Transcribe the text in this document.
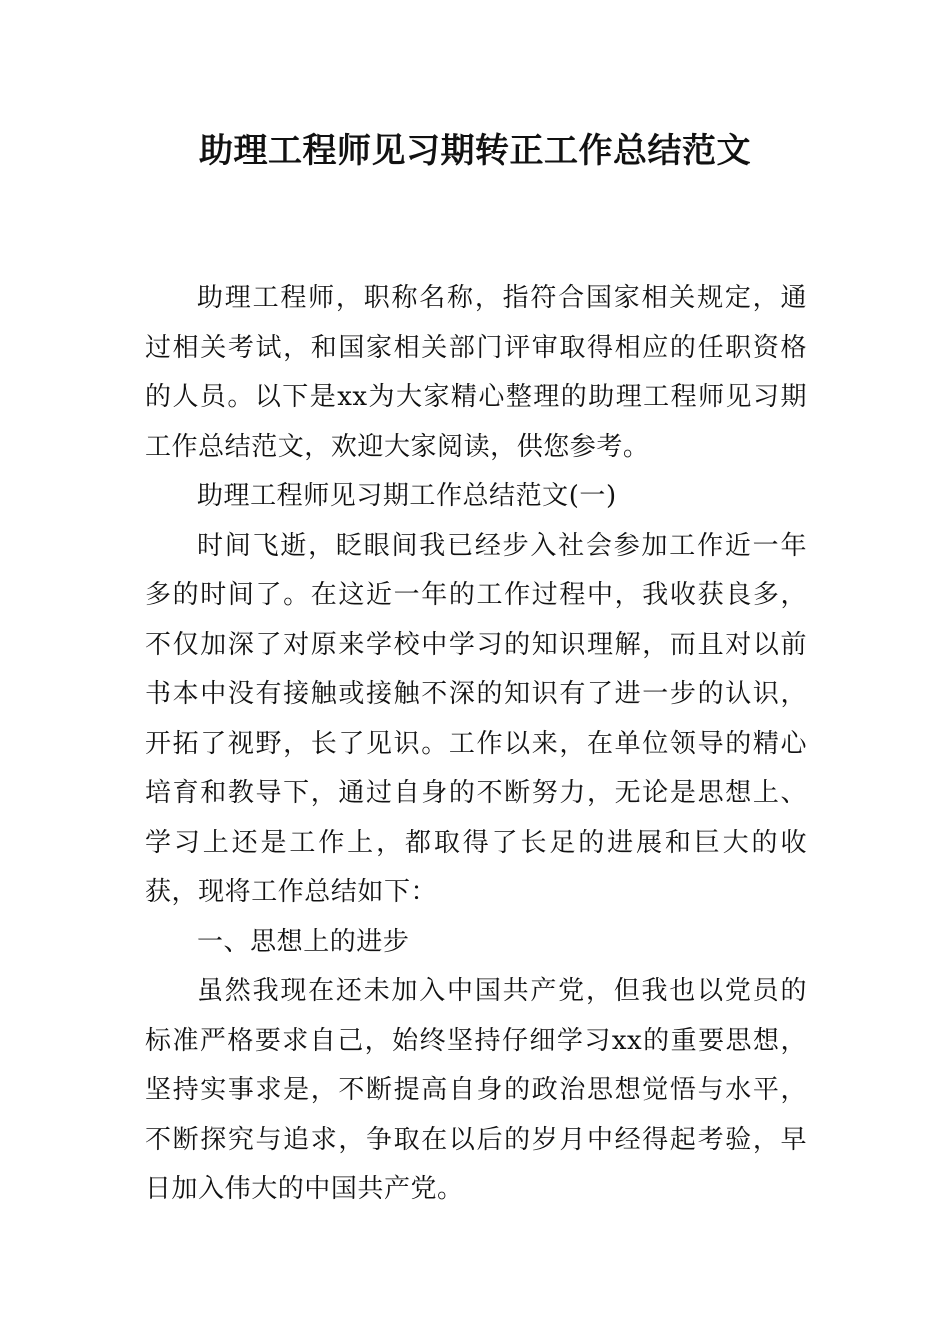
助理工程师见习期转正工作总结范文

助理工程师，职称名称，指符合国家相关规定，通过相关考试，和国家相关部门评审取得相应的任职资格的人员。以下是xx为大家精心整理的助理工程师见习期工作总结范文，欢迎大家阅读，供您参考。

助理工程师见习期工作总结范文(一)

时间飞逝，眨眼间我已经步入社会参加工作近一年多的时间了。在这近一年的工作过程中，我收获良多，不仅加深了对原来学校中学习的知识理解，而且对以前书本中没有接触或接触不深的知识有了进一步的认识，开拓了视野，长了见识。工作以来，在单位领导的精心培育和教导下，通过自身的不断努力，无论是思想上、学习上还是工作上，都取得了长足的进展和巨大的收获，现将工作总结如下：

一、思想上的进步

虽然我现在还未加入中国共产党，但我也以党员的标准严格要求自己，始终坚持仔细学习xx的重要思想，坚持实事求是，不断提高自身的政治思想觉悟与水平，不断探究与追求，争取在以后的岁月中经得起考验，早日加入伟大的中国共产党。
